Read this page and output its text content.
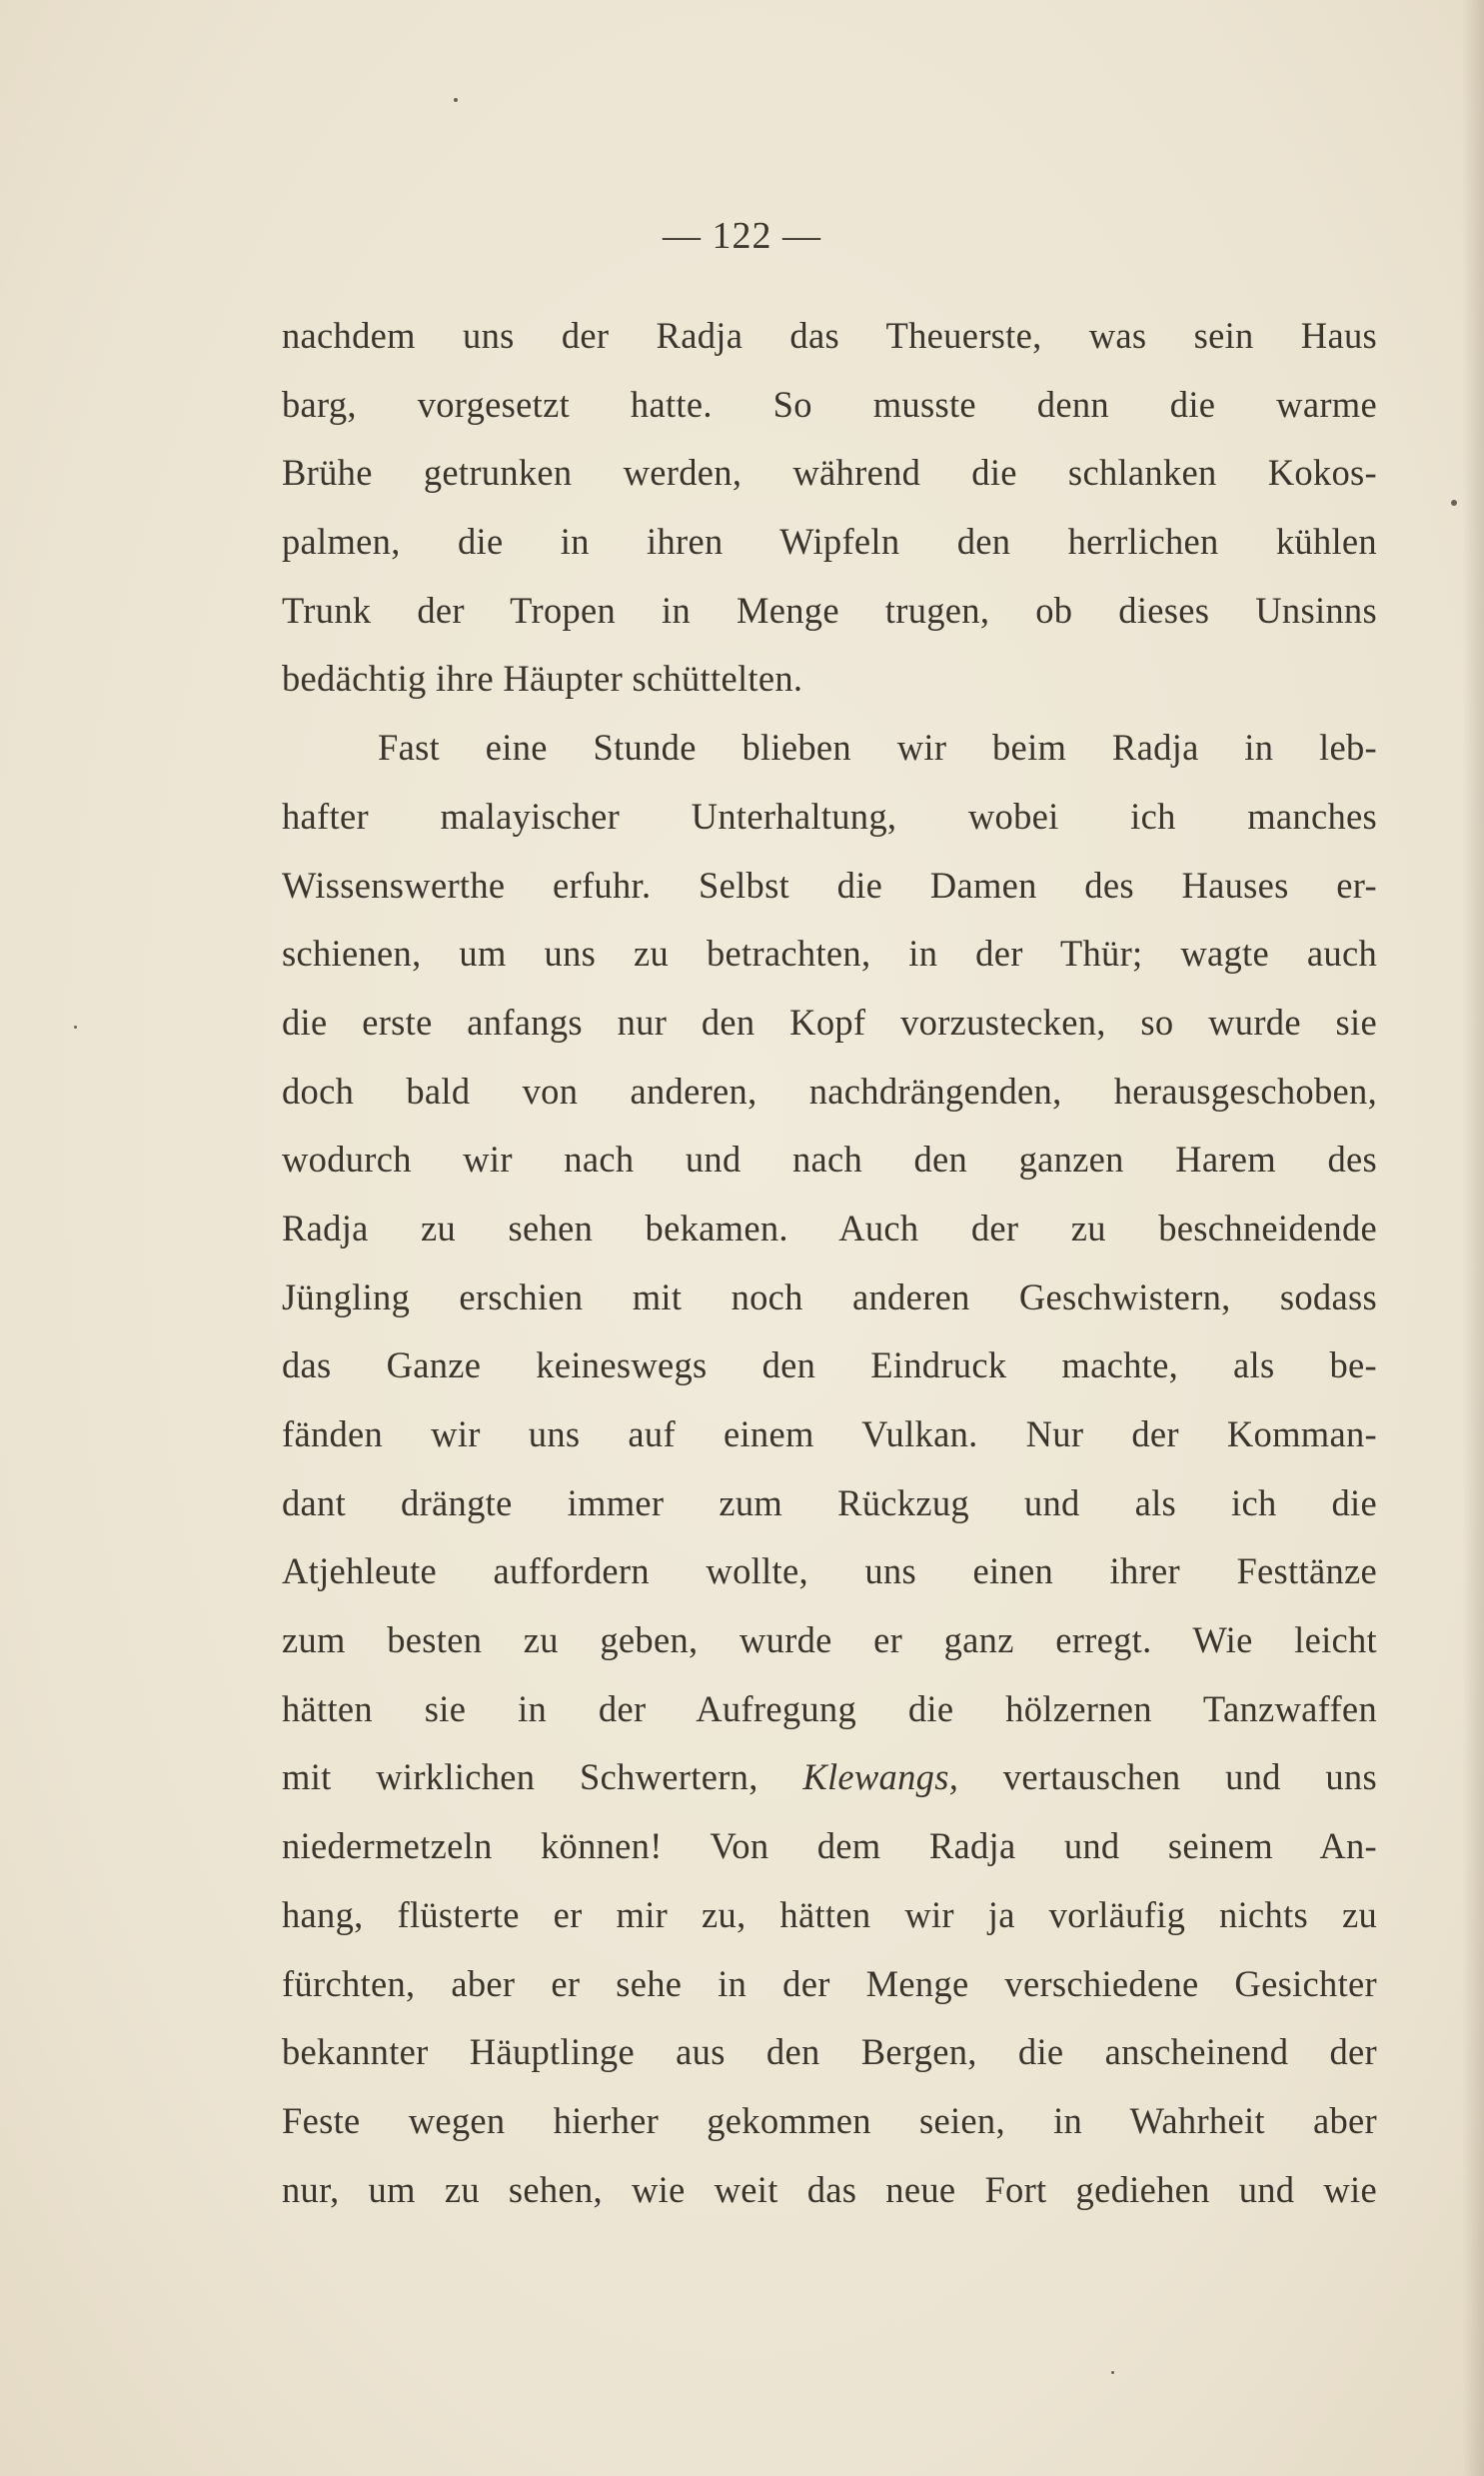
— 122 —
nachdem uns der Radja das Theuerste, was sein Haus
barg, vorgesetzt hatte. So musste denn die warme
Brühe getrunken werden, während die schlanken Kokos-
palmen, die in ihren Wipfeln den herrlichen kühlen
Trunk der Tropen in Menge trugen, ob dieses Unsinns
bedächtig ihre Häupter schüttelten.
Fast eine Stunde blieben wir beim Radja in leb-
hafter malayischer Unterhaltung, wobei ich manches
Wissenswerthe erfuhr. Selbst die Damen des Hauses er-
schienen, um uns zu betrachten, in der Thür; wagte auch
die erste anfangs nur den Kopf vorzustecken, so wurde sie
doch bald von anderen, nachdrängenden, herausgeschoben,
wodurch wir nach und nach den ganzen Harem des
Radja zu sehen bekamen. Auch der zu beschneidende
Jüngling erschien mit noch anderen Geschwistern, sodass
das Ganze keineswegs den Eindruck machte, als be-
fänden wir uns auf einem Vulkan. Nur der Komman-
dant drängte immer zum Rückzug und als ich die
Atjehleute auffordern wollte, uns einen ihrer Festtänze
zum besten zu geben, wurde er ganz erregt. Wie leicht
hätten sie in der Aufregung die hölzernen Tanzwaffen
mit wirklichen Schwertern, Klewangs, vertauschen und uns
niedermetzeln können! Von dem Radja und seinem An-
hang, flüsterte er mir zu, hätten wir ja vorläufig nichts zu
fürchten, aber er sehe in der Menge verschiedene Gesichter
bekannter Häuptlinge aus den Bergen, die anscheinend der
Feste wegen hierher gekommen seien, in Wahrheit aber
nur, um zu sehen, wie weit das neue Fort gediehen und wie
